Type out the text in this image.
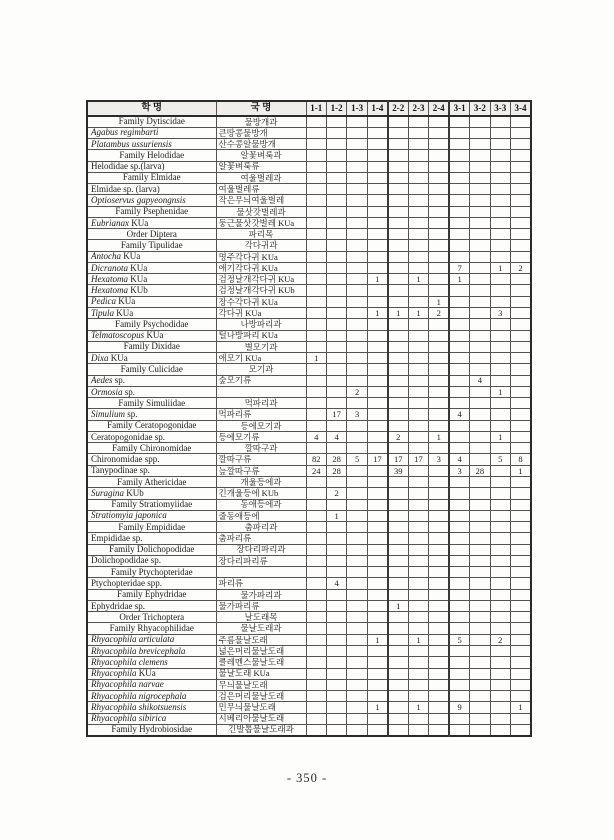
학 명	국 명	1-1	1-2	1-3	1-4	2-2	2-3	2-4	3-1	3-2	3-3	3-4
Family Dytiscidae	물방개과											
Agabus regimbarti	큰땅콩물방개											
Platambus ussuriensis	산수콩알물방개											
Family Helodidae	알꽃벼룩과											
Helodidae sp.(larva)	알꽃벼룩류											
Family Elmidae	여울벌레과											
Elmidae sp. (larva)	여울벌레류											
Optioservus gapyeongnsis	작은무늬여울벌레											
Family Psephenidae	물삿갓벌레과											
Eubrianax KUa	둥근물삿갓벌레 KUa											
Order Diptera	파리목											
Family Tipulidae	각다귀과											
Antocha KUa	명주각다귀 KUa											
Dicranota KUa	애기각다귀 KUa								7		1	2
Hexatoma KUa	검정날개각다귀 KUa				1		1		1			
Hexatoma KUb	검정날개각다귀 KUb											
Pedica KUa	장수각다귀 KUa							1				
Tipula KUa	각다귀 KUa				1	1	1	2			3	
Family Psychodidae	나방파리과											
Telmatoscopus KUa	털나방파리 KUa											
Family Dixidae	별모기과											
Dixa KUa	애모기 KUa	1										
Family Culicidae	모기과											
Aedes sp.	숲모기류									4		
Ormosia sp.				2							1	
Family Simuliidae	먹파리과											
Simulium sp.	먹파리류		17	3					4			
Family Ceratopogonidae	등에모기과											
Ceratopogonidae sp.	등에모기류	4	4			2		1			1	
Family Chironomidae	깔따구과											
Chironomidae spp.	깔따구류	82	28	5	17	17	17	3	4		5	8
Tanypodinae sp.	늪깔따구류	24	28			39			3	28		1
Family Athericidae	개울등에과											
Suragina KUb	긴개울등에 KUb		2									
Family Stratiomyiidae	동애등에과											
Stratiomyia japonica	줄동애등에		1									
Family Empididae	춤파리과											
Empididae sp.	춤파리류											
Family Dolichopodidae	장다리파리과											
Dolichopodidae sp.	장다리파리류											
Family Ptychopteridae												
Ptychopteridae spp.	파리류		4									
Family Ephydridae	물가파리과											
Ephydridae sp.	물가파리류					1						
Order Trichoptera	날도래목											
Family Rhyacophilidae	물날도래과											
Rhyacophila articulata	주름물날도래				1		1		5		2	
Rhyacophila brevicephala	넓은머리물날도래											
Rhyacophila clemens	클레멘스물날도래											
Rhyacophila KUa	물날도래 KUa											
Rhyacophila narvae	무늬물날도래											
Rhyacophila nigrocephala	검은머리물날도래											
Rhyacophila shikotsuensis	민무늬물날도래				1		1		9			1
Rhyacophila sibirica	시베리아물날도래											
Family Hydrobiosidae	긴발톱물날도래과											
- 350 -
